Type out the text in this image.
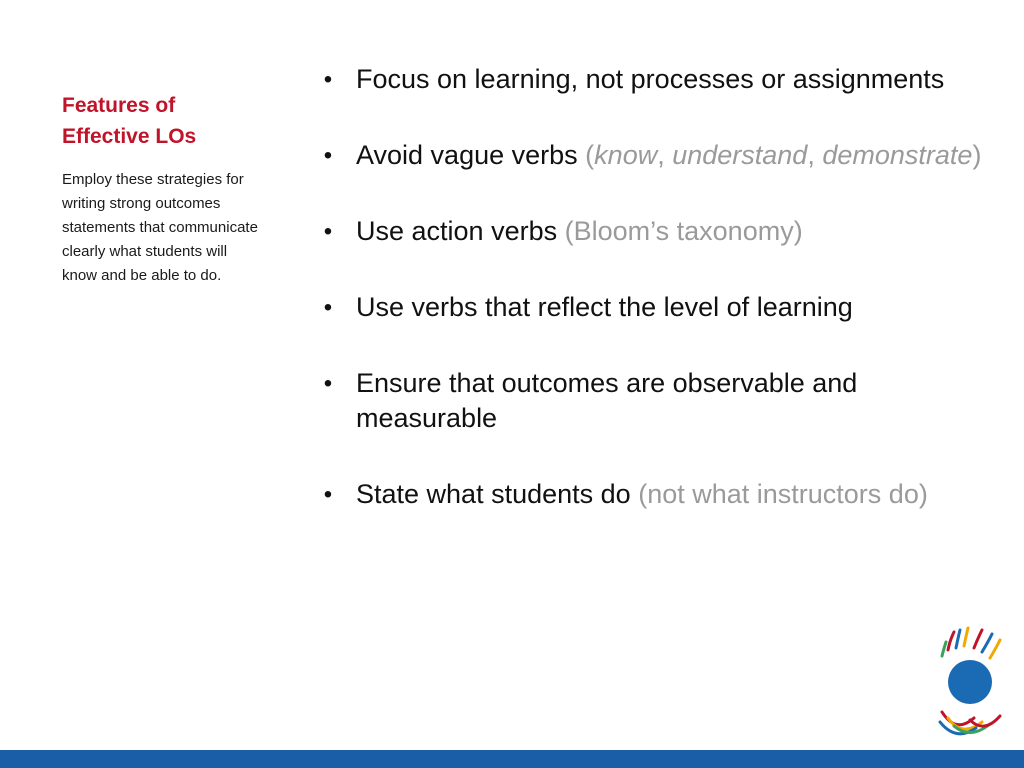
Features of
Effective LOs

Employ these strategies for writing strong outcomes statements that communicate clearly what students will know and be able to do.

• Focus on learning, not processes or assignments
• Avoid vague verbs (know, understand, demonstrate)
• Use action verbs (Bloom’s taxonomy)
• Use verbs that reflect the level of learning
• Ensure that outcomes are observable and measurable
• State what students do (not what instructors do)
